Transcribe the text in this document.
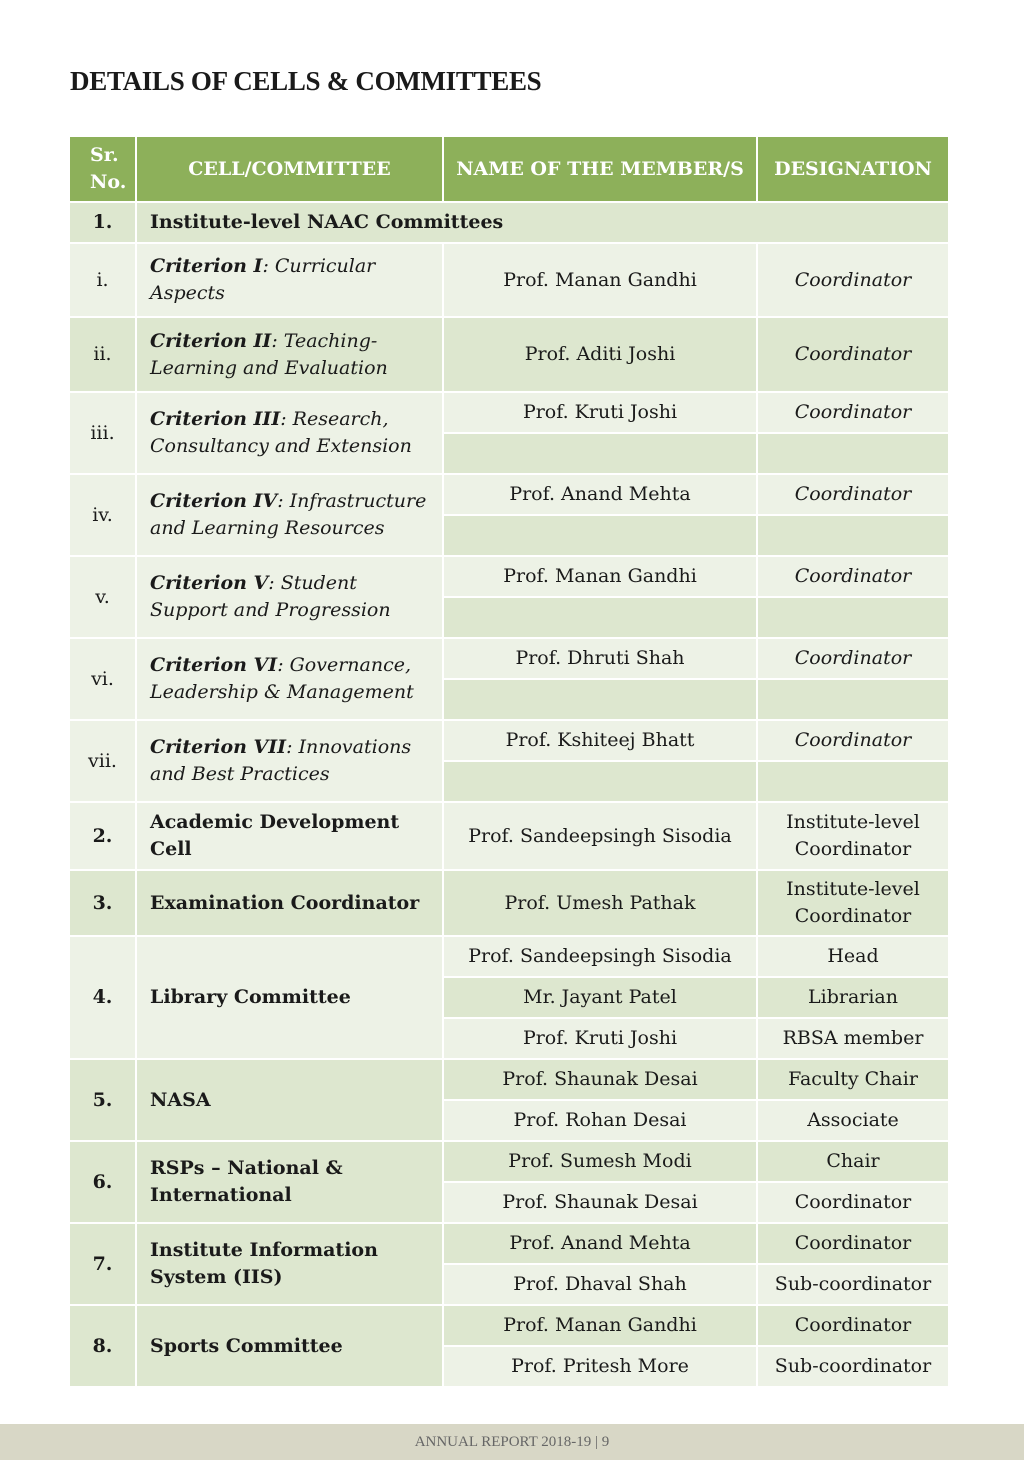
DETAILS OF CELLS & COMMITTEES
Sr. No.	CELL/COMMITTEE	NAME OF THE MEMBER/S	DESIGNATION
1.	Institute-level NAAC Committees		
i.	Criterion I: Curricular Aspects	Prof. Manan Gandhi	Coordinator
ii.	Criterion II: Teaching-Learning and Evaluation	Prof. Aditi Joshi	Coordinator
iii.	Criterion III: Research, Consultancy and Extension	Prof. Kruti Joshi	Coordinator

iv.	Criterion IV: Infrastructure and Learning Resources	Prof. Anand Mehta	Coordinator

v.	Criterion V: Student Support and Progression	Prof. Manan Gandhi	Coordinator

vi.	Criterion VI: Governance, Leadership & Management	Prof. Dhruti Shah	Coordinator

vii.	Criterion VII: Innovations and Best Practices	Prof. Kshiteej Bhatt	Coordinator

2.	Academic Development Cell	Prof. Sandeepsingh Sisodia	Institute-level Coordinator
3.	Examination Coordinator	Prof. Umesh Pathak	Institute-level Coordinator
4.	Library Committee	Prof. Sandeepsingh Sisodia	Head
		Mr. Jayant Patel	Librarian
		Prof. Kruti Joshi	RBSA member
5.	NASA	Prof. Shaunak Desai	Faculty Chair
		Prof. Rohan Desai	Associate
6.	RSPs – National & International	Prof. Sumesh Modi	Chair
		Prof. Shaunak Desai	Coordinator
7.	Institute Information System (IIS)	Prof. Anand Mehta	Coordinator
		Prof. Dhaval Shah	Sub-coordinator
8.	Sports Committee	Prof. Manan Gandhi	Coordinator
		Prof. Pritesh More	Sub-coordinator
ANNUAL REPORT 2018-19 | 9
